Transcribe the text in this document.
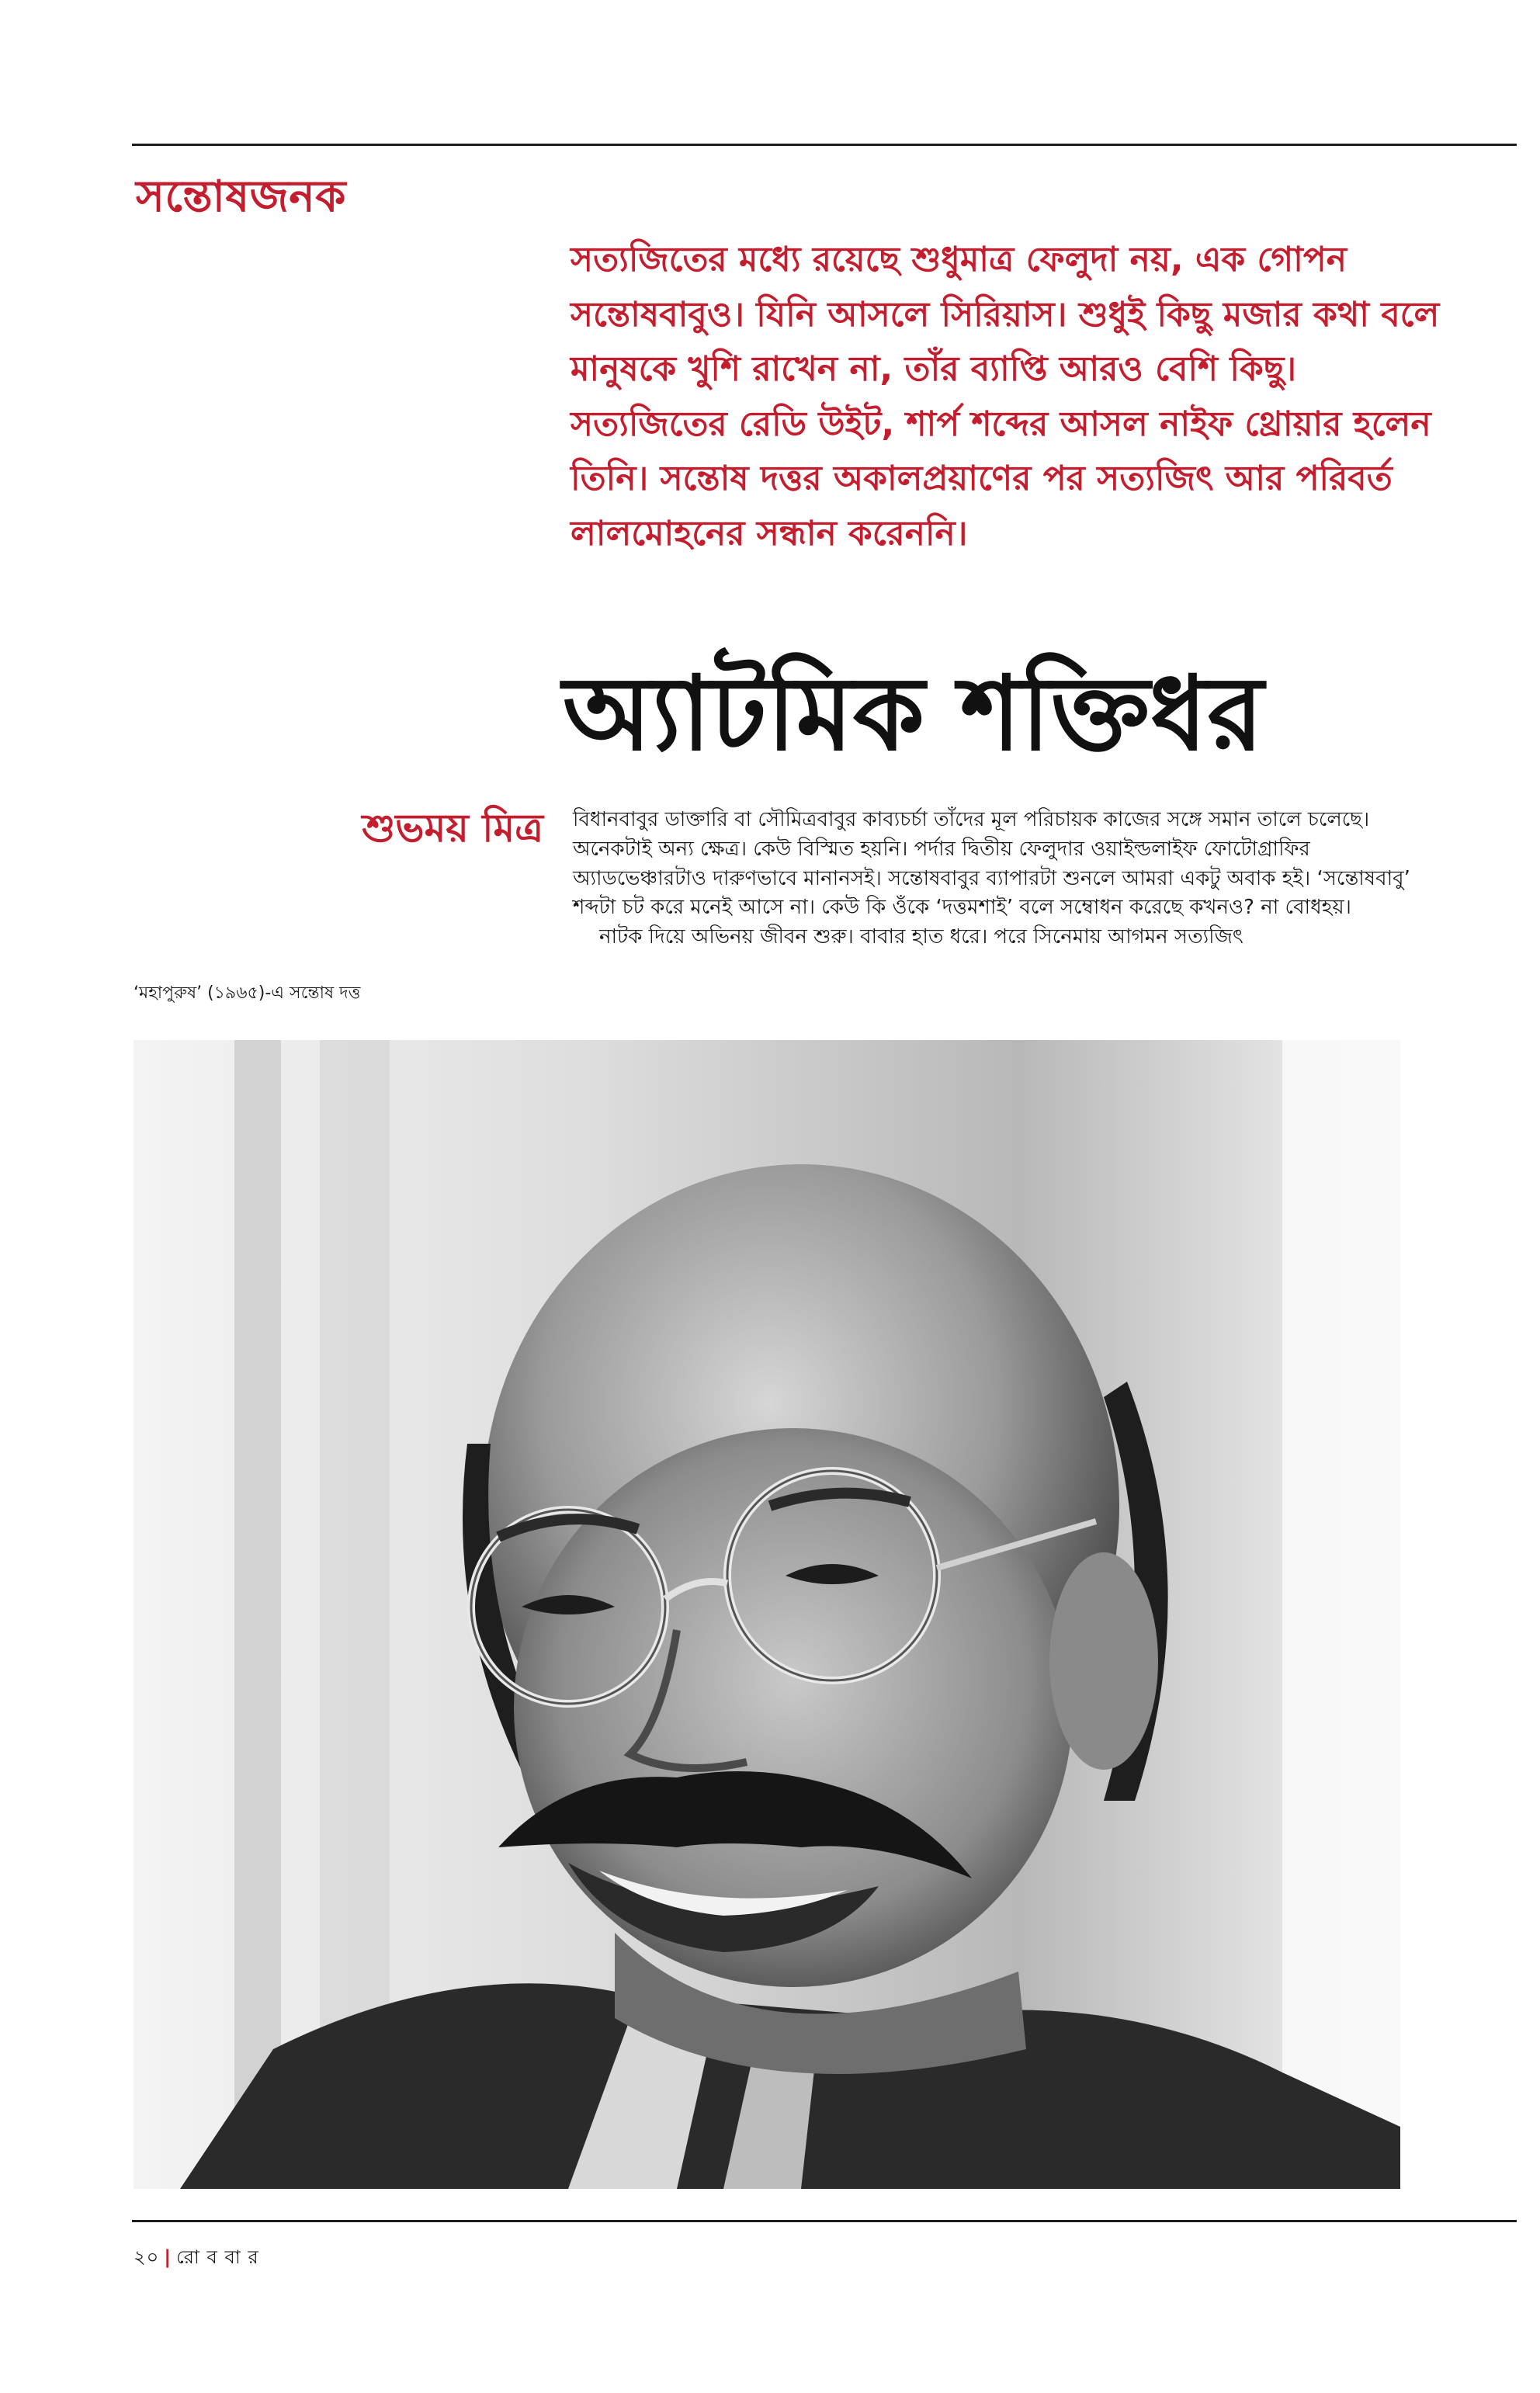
সন্তোষজনক
সত্যজিতের মধ্যে রয়েছে শুধুমাত্র ফেলুদা নয়, এক গোপন সন্তোষবাবুও। যিনি আসলে সিরিয়াস। শুধুই কিছু মজার কথা বলে মানুষকে খুশি রাখেন না, তাঁর ব্যাপ্তি আরও বেশি কিছু। সত্যজিতের রেডি উইট, শার্প শব্দের আসল নাইফ থ্রোয়ার হলেন তিনি। সন্তোষ দত্তর অকালপ্রয়াণের পর সত্যজিৎ আর পরিবর্ত লালমোহনের সন্ধান করেননি।
অ্যাটমিক শক্তিধর
শুভময় মিত্র বিধানবাবুর ডাক্তারি বা সৌমিত্রবাবুর কাব্যচর্চা তাঁদের মূল পরিচায়ক কাজের সঙ্গে সমান তালে চলেছে। অনেকটাই অন্য ক্ষেত্র। কেউ বিস্মিত হয়নি। পর্দার দ্বিতীয় ফেলুদার ওয়াইল্ডলাইফ ফোটোগ্রাফির অ্যাডভেঞ্চারটাও দারুণভাবে মানানসই। সন্তোষবাবুর ব্যাপারটা শুনলে আমরা একটু অবাক হই। ‘সন্তোষবাবু’ শব্দটা চট করে মনেই আসে না। কেউ কি ওঁকে ‘দত্তমশাই’ বলে সম্বোধন করেছে কখনও? না বোধহয়।

নাটক দিয়ে অভিনয় জীবন শুরু। বাবার হাত ধরে। পরে সিনেমায় আগমন সত্যজিৎ

‘মহাপুরুষ’ (১৯৬৫)-এ সন্তোষ দত্ত
২০ | রো ব বা র
